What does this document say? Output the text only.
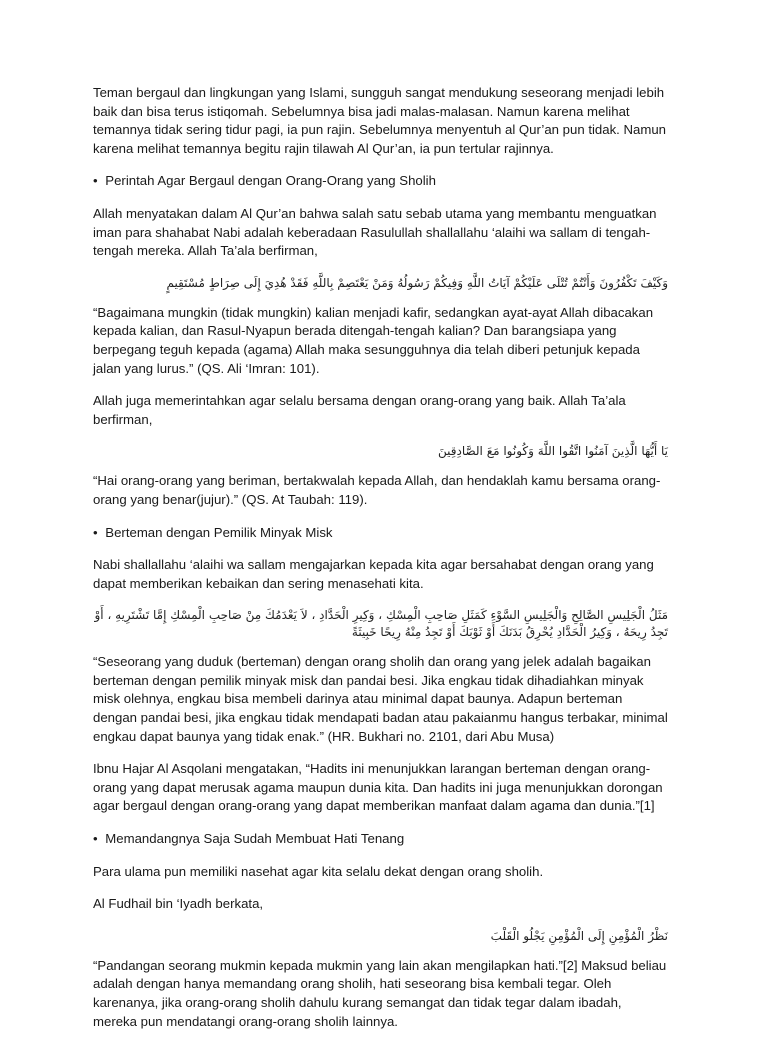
Teman bergaul dan lingkungan yang Islami, sungguh sangat mendukung seseorang menjadi lebih baik dan bisa terus istiqomah. Sebelumnya bisa jadi malas-malasan. Namun karena melihat temannya tidak sering tidur pagi, ia pun rajin. Sebelumnya menyentuh al Qur’an pun tidak. Namun karena melihat temannya begitu rajin tilawah Al Qur’an, ia pun tertular rajinnya.

• Perintah Agar Bergaul dengan Orang-Orang yang Sholih

Allah menyatakan dalam Al Qur’an bahwa salah satu sebab utama yang membantu menguatkan iman para shahabat Nabi adalah keberadaan Rasulullah shallallahu ‘alaihi wa sallam di tengah-tengah mereka. Allah Ta’ala berfirman,

وَكَيْفَ تَكْفُرُونَ وَأَنْتُمْ تُتْلَى عَلَيْكُمْ آيَاتُ اللَّهِ وَفِيكُمْ رَسُولُهُ وَمَنْ يَعْتَصِمْ بِاللَّهِ فَقَدْ هُدِيَ إِلَى صِرَاطٍ مُسْتَقِيمٍ

“Bagaimana mungkin (tidak mungkin) kalian menjadi kafir, sedangkan ayat-ayat Allah dibacakan kepada kalian, dan Rasul-Nyapun berada ditengah-tengah kalian? Dan barangsiapa yang berpegang teguh kepada (agama) Allah maka sesungguhnya dia telah diberi petunjuk kepada jalan yang lurus.” (QS. Ali ‘Imran: 101).

Allah juga memerintahkan agar selalu bersama dengan orang-orang yang baik. Allah Ta’ala berfirman,

يَا أَيُّهَا الَّذِينَ آمَنُوا اتَّقُوا اللَّهَ وَكُونُوا مَعَ الصَّادِقِينَ

“Hai orang-orang yang beriman, bertakwalah kepada Allah, dan hendaklah kamu bersama orang-orang yang benar(jujur).” (QS. At Taubah: 119).

• Berteman dengan Pemilik Minyak Misk

Nabi shallallahu ‘alaihi wa sallam mengajarkan kepada kita agar bersahabat dengan orang yang dapat memberikan kebaikan dan sering menasehati kita.

مَثَلُ الْجَلِيسِ الصَّالِحِ وَالْجَلِيسِ السَّوْءِ كَمَثَلِ صَاحِبِ الْمِسْكِ ، وَكِيرِ الْحَدَّادِ ، لاَ يَعْدَمُكَ مِنْ صَاحِبِ الْمِسْكِ إِمَّا تَشْتَرِيهِ ، أَوْ تَجِدُ رِيحَهُ ، وَكِيرُ الْحَدَّادِ يُحْرِقُ بَدَنَكَ أَوْ ثَوْبَكَ أَوْ تَجِدُ مِنْهُ رِيحًا خَبِيثَةً

“Seseorang yang duduk (berteman) dengan orang sholih dan orang yang jelek adalah bagaikan berteman dengan pemilik minyak misk dan pandai besi. Jika engkau tidak dihadiahkan minyak misk olehnya, engkau bisa membeli darinya atau minimal dapat baunya. Adapun berteman dengan pandai besi, jika engkau tidak mendapati badan atau pakaianmu hangus terbakar, minimal engkau dapat baunya yang tidak enak.” (HR. Bukhari no. 2101, dari Abu Musa)

Ibnu Hajar Al Asqolani mengatakan, “Hadits ini menunjukkan larangan berteman dengan orang-orang yang dapat merusak agama maupun dunia kita. Dan hadits ini juga menunjukkan dorongan agar bergaul dengan orang-orang yang dapat memberikan manfaat dalam agama dan dunia.”[1]

• Memandangnya Saja Sudah Membuat Hati Tenang

Para ulama pun memiliki nasehat agar kita selalu dekat dengan orang sholih.

Al Fudhail bin ‘Iyadh berkata,

نَظْرُ الْمُؤْمِنِ إِلَى الْمُؤْمِنِ يَجْلُو الْقَلْبَ

“Pandangan seorang mukmin kepada mukmin yang lain akan mengilapkan hati.”[2] Maksud beliau adalah dengan hanya memandang orang sholih, hati seseorang bisa kembali tegar. Oleh karenanya, jika orang-orang sholih dahulu kurang semangat dan tidak tegar dalam ibadah, mereka pun mendatangi orang-orang sholih lainnya.
